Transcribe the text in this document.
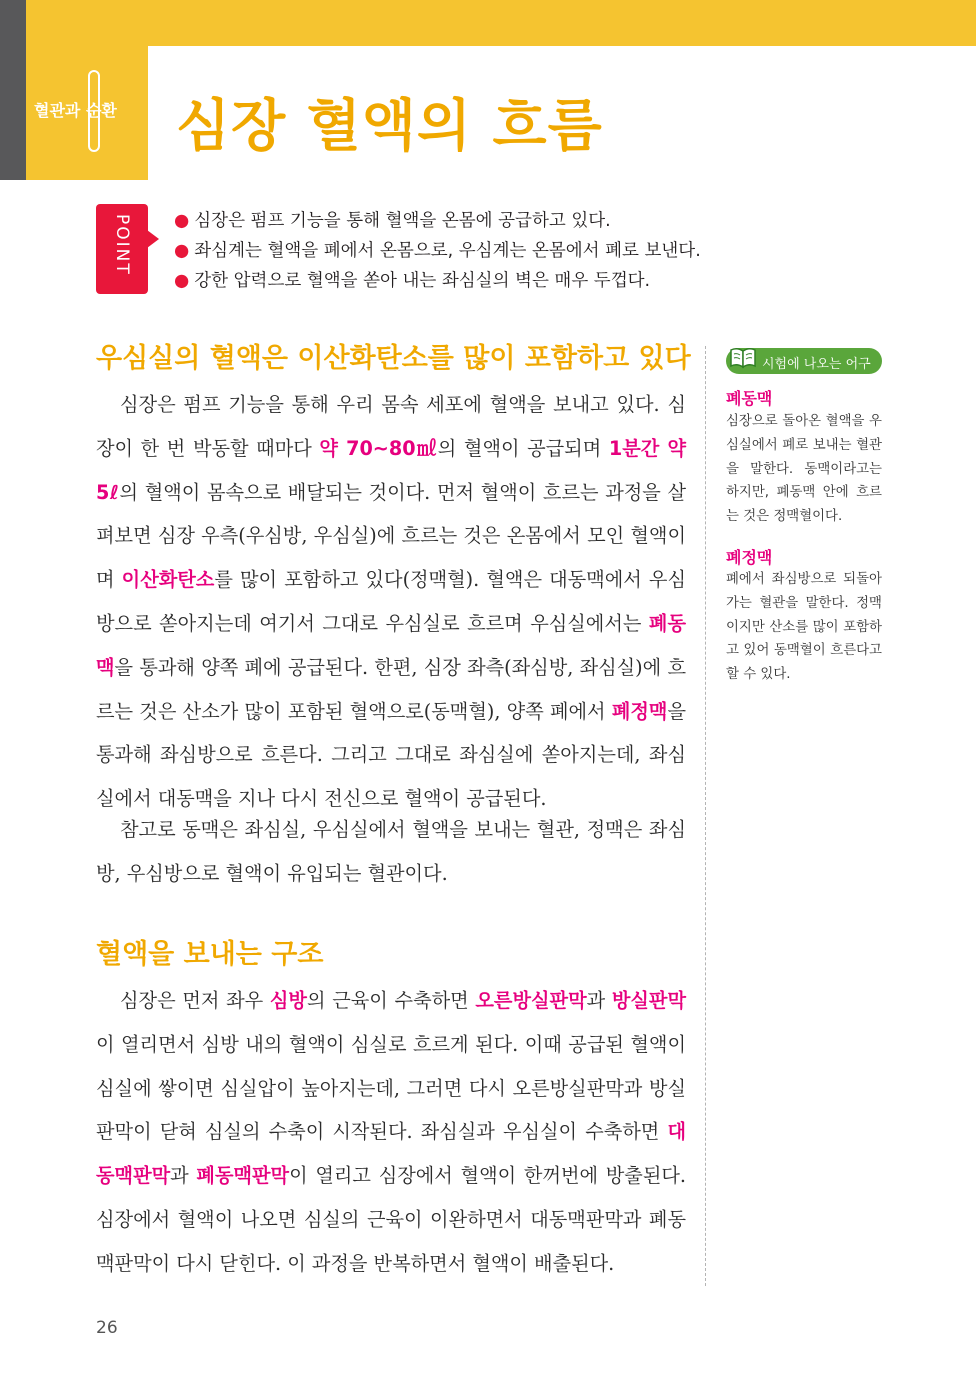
혈관과 순환	심장 혈액의 흐름
POINT ● 심장은 펌프 기능을 통해 혈액을 온몸에 공급하고 있다.
● 좌심계는 혈액을 폐에서 온몸으로, 우심계는 온몸에서 폐로 보낸다.
● 강한 압력으로 혈액을 쏟아 내는 좌심실의 벽은 매우 두껍다.
우심실의 혈액은 이산화탄소를 많이 포함하고 있다

심장은 펌프 기능을 통해 우리 몸속 세포에 혈액을 보내고 있다. 심장이 한 번 박동할 때마다 약 70~80㎖의 혈액이 공급되며 1분간 약 5ℓ의 혈액이 몸속으로 배달되는 것이다. 먼저 혈액이 흐르는 과정을 살펴보면 심장 우측(우심방, 우심실)에 흐르는 것은 온몸에서 모인 혈액이며 이산화탄소를 많이 포함하고 있다(정맥혈). 혈액은 대동맥에서 우심방으로 쏟아지는데 여기서 그대로 우심실로 흐르며 우심실에서는 폐동맥을 통과해 양쪽 폐에 공급된다. 한편, 심장 좌측(좌심방, 좌심실)에 흐르는 것은 산소가 많이 포함된 혈액으로(동맥혈), 양쪽 폐에서 폐정맥을 통과해 좌심방으로 흐른다. 그리고 그대로 좌심실에 쏟아지는데, 좌심실에서 대동맥을 지나 다시 전신으로 혈액이 공급된다.

참고로 동맥은 좌심실, 우심실에서 혈액을 보내는 혈관, 정맥은 좌심방, 우심방으로 혈액이 유입되는 혈관이다.

혈액을 보내는 구조

심장은 먼저 좌우 심방의 근육이 수축하면 오른방실판막과 방실판막이 열리면서 심방 내의 혈액이 심실로 흐르게 된다. 이때 공급된 혈액이 심실에 쌓이면 심실압이 높아지는데, 그러면 다시 오른방실판막과 방실판막이 닫혀 심실의 수축이 시작된다. 좌심실과 우심실이 수축하면 대동맥판막과 폐동맥판막이 열리고 심장에서 혈액이 한꺼번에 방출된다. 심장에서 혈액이 나오면 심실의 근육이 이완하면서 대동맥판막과 폐동맥판막이 다시 닫힌다. 이 과정을 반복하면서 혈액이 배출된다.

시험에 나오는 어구
폐동맥

심장으로 돌아온 혈액을 우심실에서 폐로 보내는 혈관을 말한다. 동맥이라고는 하지만, 폐동맥 안에 흐르는 것은 정맥혈이다.

폐정맥

폐에서 좌심방으로 되돌아가는 혈관을 말한다. 정맥이지만 산소를 많이 포함하고 있어 동맥혈이 흐른다고 할 수 있다.

26
